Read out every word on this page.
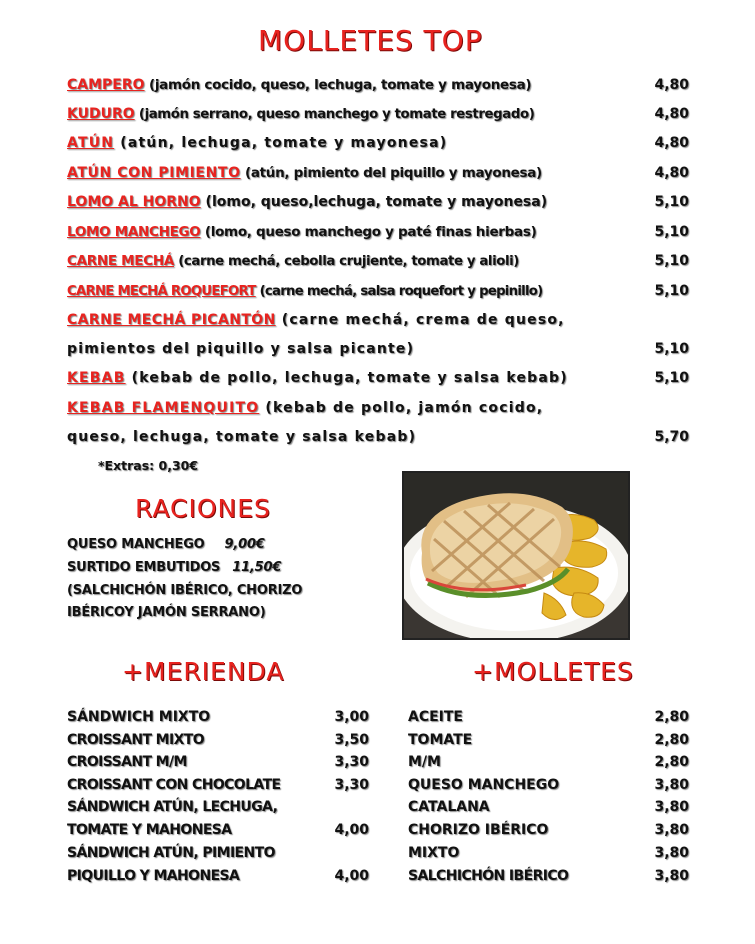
MOLLETES TOP
CAMPERO (jamón cocido, queso, lechuga, tomate y mayonesa)	4,80
KUDURO (jamón serrano, queso manchego y tomate restregado)	4,80
ATÚN (atún, lechuga, tomate y mayonesa)	4,80
ATÚN CON PIMIENTO (atún, pimiento del piquillo y mayonesa)	4,80
LOMO AL HORNO (lomo, queso,lechuga, tomate y mayonesa)	5,10
LOMO MANCHEGO (lomo, queso manchego y paté finas hierbas)	5,10
CARNE MECHÁ (carne mechá, cebolla crujiente, tomate y alioli)	5,10
CARNE MECHÁ ROQUEFORT (carne mechá, salsa roquefort y pepinillo)	5,10
CARNE MECHÁ PICANTÓN (carne mechá, crema de queso,
pimientos del piquillo y salsa picante)	5,10
KEBAB (kebab de pollo, lechuga, tomate y salsa kebab)	5,10
KEBAB FLAMENQUITO (kebab de pollo, jamón cocido,
queso, lechuga, tomate y salsa kebab)	5,70
*Extras: 0,30€
RACIONES
QUESO MANCHEGO 9,00€
SURTIDO EMBUTIDOS 11,50€
(SALCHICHÓN IBÉRICO, CHORIZO
IBÉRICOY JAMÓN SERRANO)
+MERIENDA
SÁNDWICH MIXTO	3,00
CROISSANT MIXTO	3,50
CROISSANT M/M	3,30
CROISSANT CON CHOCOLATE	3,30
SÁNDWICH ATÚN, LECHUGA,
TOMATE Y MAHONESA	4,00
SÁNDWICH ATÚN, PIMIENTO
PIQUILLO Y MAHONESA	4,00
+MOLLETES
ACEITE	2,80
TOMATE	2,80
M/M	2,80
QUESO MANCHEGO	3,80
CATALANA	3,80
CHORIZO IBÉRICO	3,80
MIXTO	3,80
SALCHICHÓN IBÉRICO	3,80
